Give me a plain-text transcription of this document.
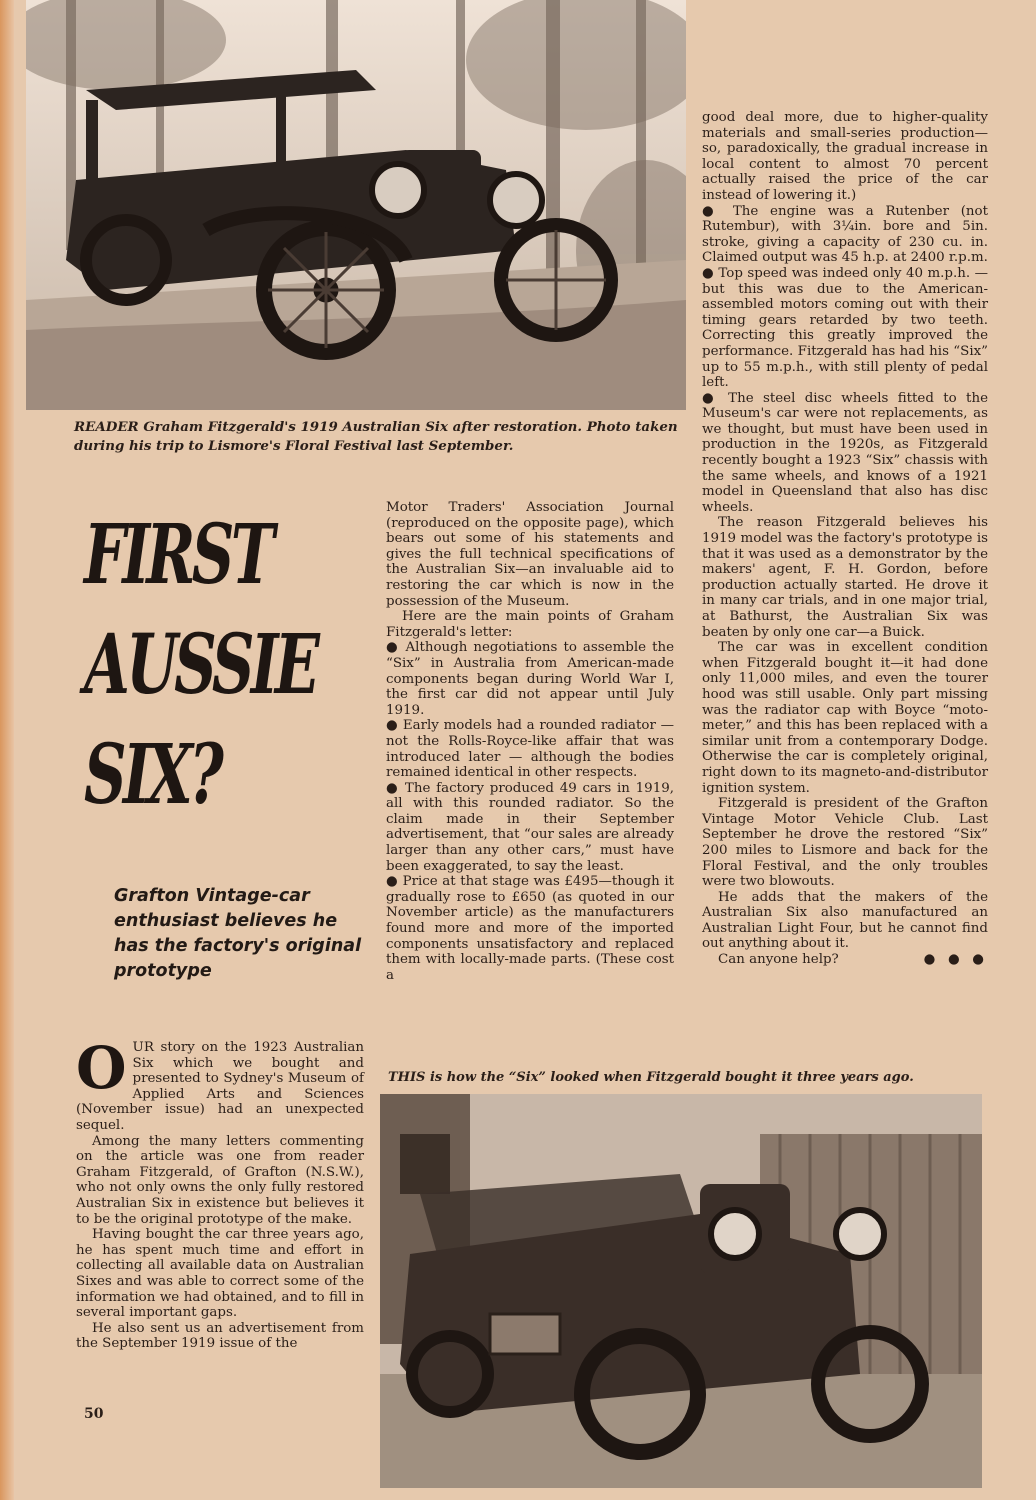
READER Graham Fitzgerald's 1919 Australian Six after restoration. Photo taken during his trip to Lismore's Floral Festival last September.

FIRST
AUSSIE
SIX?

Grafton Vintage-car enthusiast believes he has the factory's original prototype

OUR story on the 1923 Australian Six which we bought and presented to Sydney's Museum of Applied Arts and Sciences (November issue) had an unexpected sequel.

Among the many letters commenting on the article was one from reader Graham Fitzgerald, of Grafton (N.S.W.), who not only owns the only fully restored Australian Six in existence but believes it to be the original prototype of the make.

Having bought the car three years ago, he has spent much time and effort in collecting all available data on Australian Sixes and was able to correct some of the information we had obtained, and to fill in several important gaps.

He also sent us an advertisement from the September 1919 issue of the

Motor Traders' Association Journal (reproduced on the opposite page), which bears out some of his statements and gives the full technical specifications of the Australian Six—an invaluable aid to restoring the car which is now in the possession of the Museum.

Here are the main points of Graham Fitzgerald's letter:

● Although negotiations to assemble the “Six” in Australia from American-made components began during World War I, the first car did not appear until July 1919.

● Early models had a rounded radiator — not the Rolls-Royce-like affair that was introduced later — although the bodies remained identical in other respects.

● The factory produced 49 cars in 1919, all with this rounded radiator. So the claim made in their September advertisement, that “our sales are already larger than any other cars,” must have been exaggerated, to say the least.

● Price at that stage was £495—though it gradually rose to £650 (as quoted in our November article) as the manufacturers found more and more of the imported components unsatisfactory and replaced them with locally-made parts. (These cost a

good deal more, due to higher-quality materials and small-series production—so, paradoxically, the gradual increase in local content to almost 70 percent actually raised the price of the car instead of lowering it.)

● The engine was a Rutenber (not Rutembur), with 3¼in. bore and 5in. stroke, giving a capacity of 230 cu. in. Claimed output was 45 h.p. at 2400 r.p.m.

● Top speed was indeed only 40 m.p.h. — but this was due to the American-assembled motors coming out with their timing gears retarded by two teeth. Correcting this greatly improved the performance. Fitzgerald has had his “Six” up to 55 m.p.h., with still plenty of pedal left.

● The steel disc wheels fitted to the Museum's car were not replacements, as we thought, but must have been used in production in the 1920s, as Fitzgerald recently bought a 1923 “Six” chassis with the same wheels, and knows of a 1921 model in Queensland that also has disc wheels.

The reason Fitzgerald believes his 1919 model was the factory's prototype is that it was used as a demonstrator by the makers' agent, F. H. Gordon, before production actually started. He drove it in many car trials, and in one major trial, at Bathurst, the Australian Six was beaten by only one car—a Buick.

The car was in excellent condition when Fitzgerald bought it—it had done only 11,000 miles, and even the tourer hood was still usable. Only part missing was the radiator cap with Boyce “moto-meter,” and this has been replaced with a similar unit from a contemporary Dodge. Otherwise the car is completely original, right down to its magneto-and-distributor ignition system.

Fitzgerald is president of the Grafton Vintage Motor Vehicle Club. Last September he drove the restored “Six” 200 miles to Lismore and back for the Floral Festival, and the only troubles were two blowouts.

He adds that the makers of the Australian Six also manufactured an Australian Light Four, but he cannot find out anything about it.

Can anyone help?	● ● ●

THIS is how the “Six” looked when Fitzgerald bought it three years ago.

50
